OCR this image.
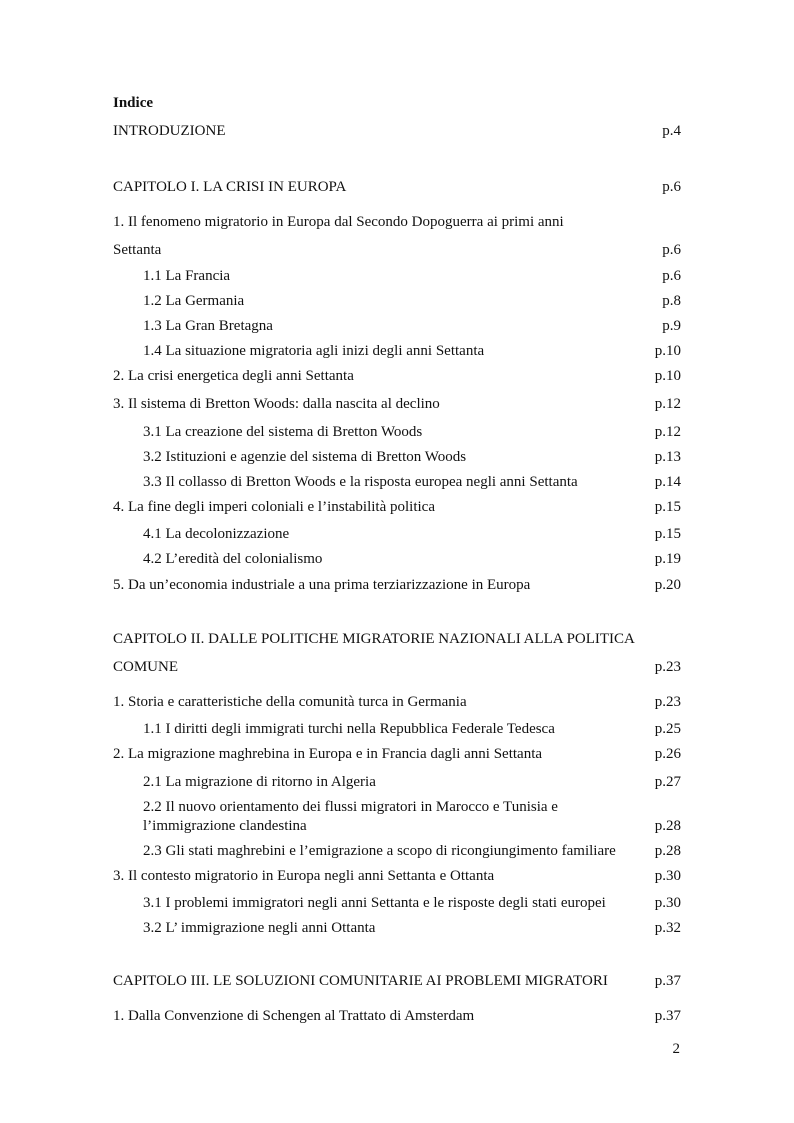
Indice
INTRODUZIONE	p.4
CAPITOLO I. LA CRISI IN EUROPA	p.6
1. Il fenomeno migratorio in Europa dal Secondo Dopoguerra ai primi anni
Settanta	p.6
1.1 La Francia	p.6
1.2 La Germania	p.8
1.3 La Gran Bretagna	p.9
1.4 La situazione migratoria agli inizi degli anni Settanta	p.10
2. La crisi energetica degli anni Settanta	p.10
3. Il sistema di Bretton Woods: dalla nascita al declino	p.12
3.1 La creazione del sistema di Bretton Woods	p.12
3.2 Istituzioni e agenzie del sistema di Bretton Woods	p.13
3.3 Il collasso di Bretton Woods e la risposta europea negli anni Settanta	p.14
4. La fine degli imperi coloniali e l’instabilità politica	p.15
4.1 La decolonizzazione	p.15
4.2 L’eredità del colonialismo	p.19
5. Da un’economia industriale a una prima terziarizzazione in Europa	p.20
CAPITOLO II. DALLE POLITICHE MIGRATORIE NAZIONALI ALLA POLITICA
COMUNE	p.23
1. Storia e caratteristiche della comunità turca in Germania	p.23
1.1 I diritti degli immigrati turchi nella Repubblica Federale Tedesca	p.25
2. La migrazione maghrebina in Europa e in Francia dagli anni Settanta	p.26
2.1 La migrazione di ritorno in Algeria	p.27
2.2 Il nuovo orientamento dei flussi migratori in Marocco e Tunisia e
l’immigrazione clandestina	p.28
2.3 Gli stati maghrebini e l’emigrazione a scopo di ricongiungimento familiare	p.28
3. Il contesto migratorio in Europa negli anni Settanta e Ottanta	p.30
3.1 I problemi immigratori negli anni Settanta e le risposte degli stati europei	p.30
3.2 L’ immigrazione negli anni Ottanta	p.32
CAPITOLO III. LE SOLUZIONI COMUNITARIE AI PROBLEMI MIGRATORI	p.37
1. Dalla Convenzione di Schengen al Trattato di Amsterdam	p.37
2
